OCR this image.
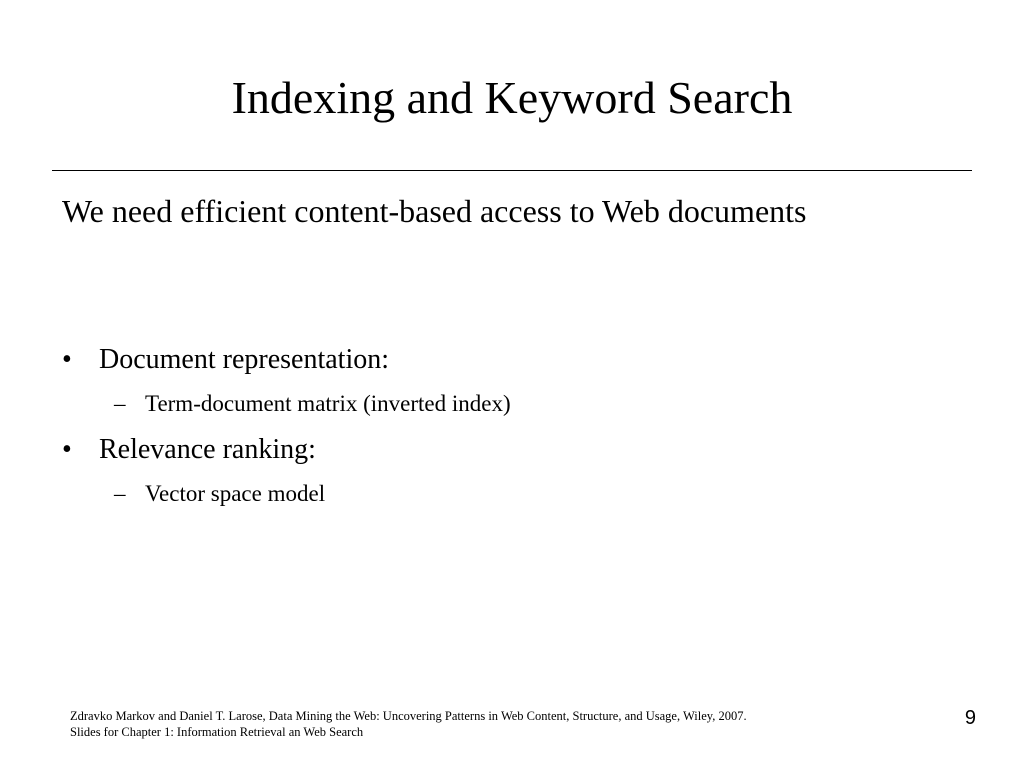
Indexing and Keyword Search

We need efficient content-based access to Web documents

• Document representation:
– Term-document matrix (inverted index)
• Relevance ranking:
– Vector space model
Zdravko Markov and Daniel T. Larose, Data Mining the Web: Uncovering Patterns in Web Content, Structure, and Usage, Wiley, 2007.
Slides for Chapter 1: Information Retrieval an Web Search
9
